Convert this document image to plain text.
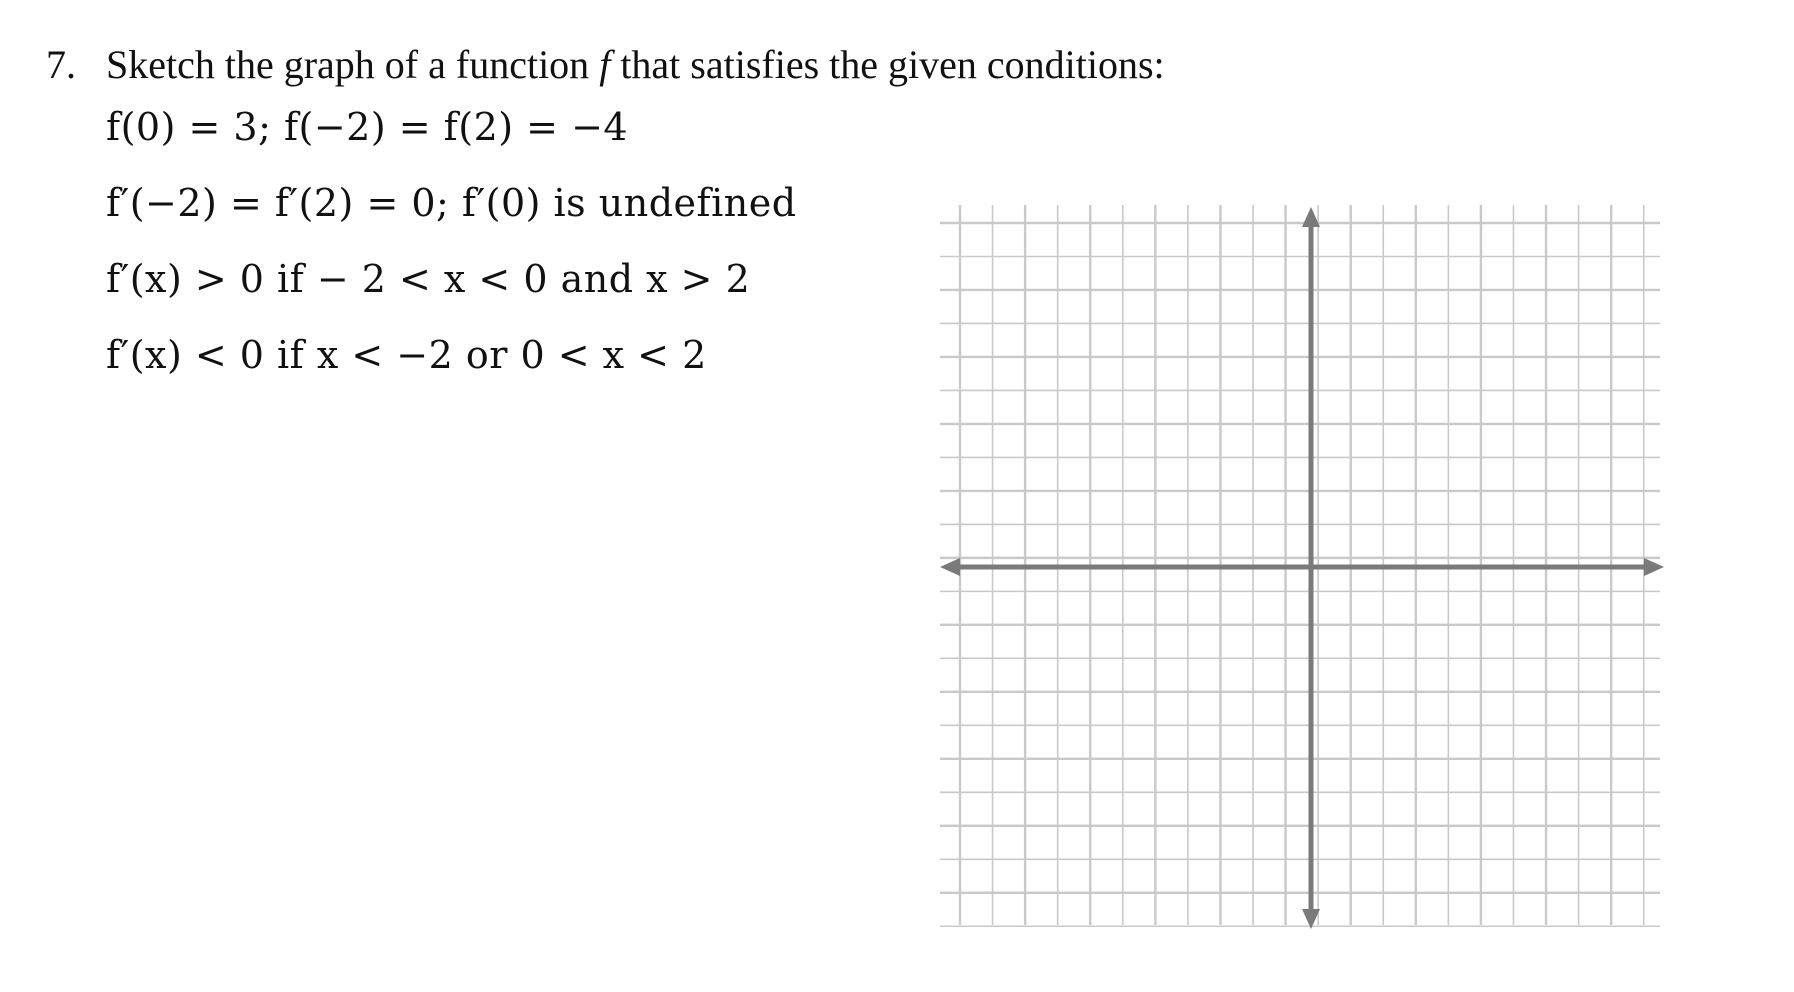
7. Sketch the graph of a function f that satisfies the given conditions:
f(0) = 3; f(−2) = f(2) = −4
f′(−2) = f′(2) = 0; f′(0) is undefined
f′(x) > 0 if − 2 < x < 0 and x > 2
f′(x) < 0 if x < −2 or 0 < x < 2
